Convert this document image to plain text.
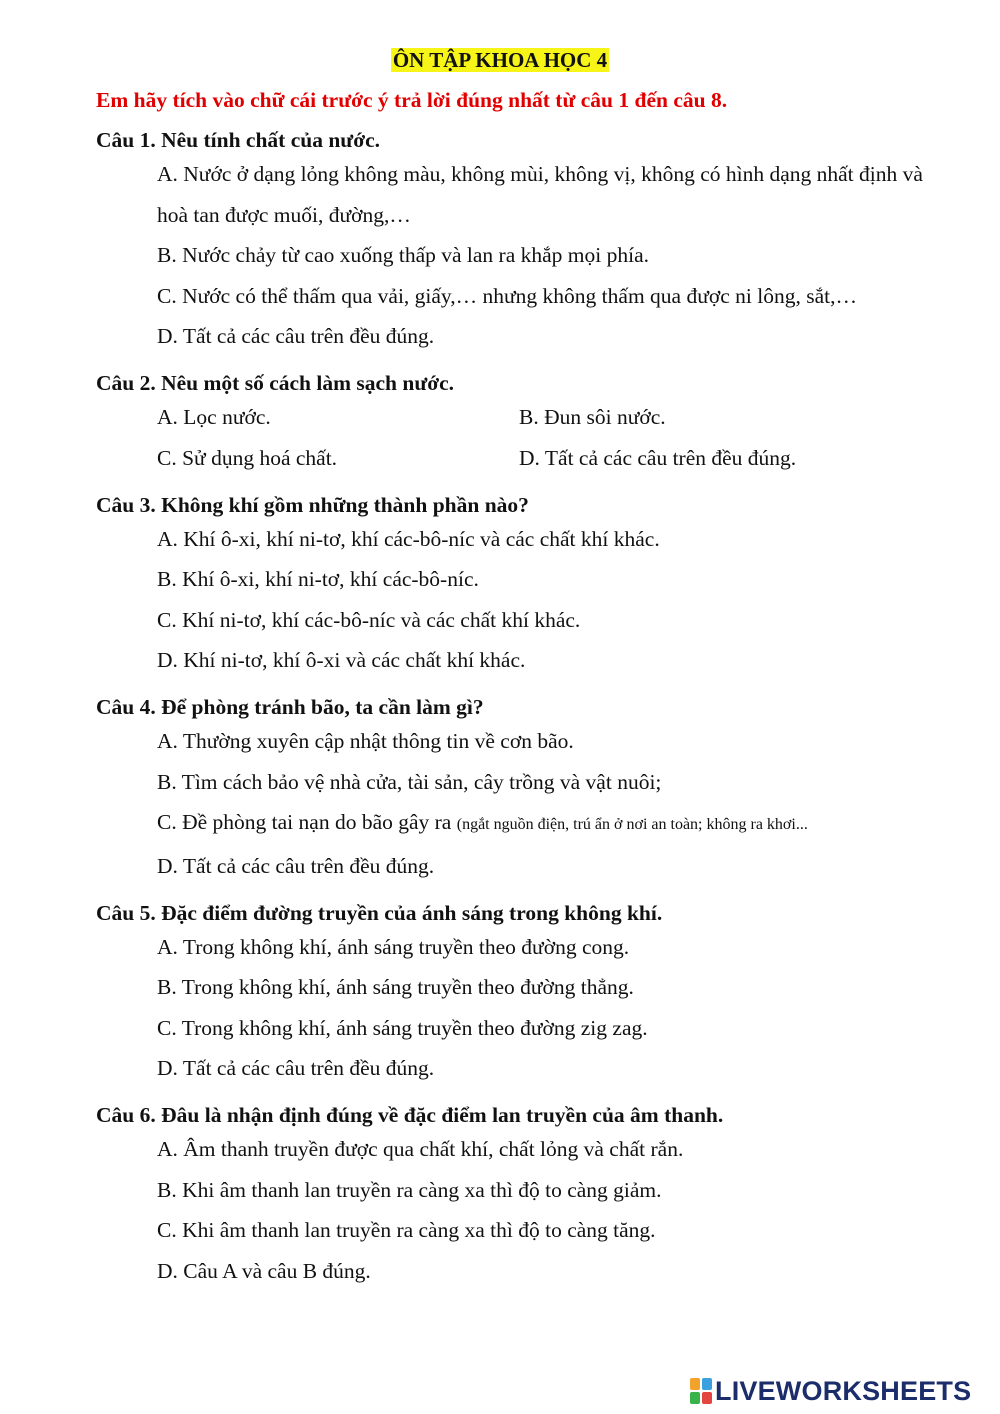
ÔN TẬP KHOA HỌC 4
Em hãy tích vào chữ cái trước ý trả lời đúng nhất từ câu 1 đến câu 8.
Câu 1. Nêu tính chất của nước.
A. Nước ở dạng lỏng không màu, không mùi, không vị, không có hình dạng nhất định và hoà tan được muối, đường,…
B. Nước chảy từ cao xuống thấp và lan ra khắp mọi phía.
C. Nước có thể thấm qua vải, giấy,… nhưng không thấm qua được ni lông, sắt,…
D. Tất cả các câu trên đều đúng.
Câu 2. Nêu một số cách làm sạch nước.
A. Lọc nước.	B. Đun sôi nước.
C. Sử dụng hoá chất.	D. Tất cả các câu trên đều đúng.
Câu 3. Không khí gồm những thành phần nào?
A. Khí ô-xi, khí ni-tơ, khí các-bô-níc và các chất khí khác.
B. Khí ô-xi, khí ni-tơ, khí các-bô-níc.
C. Khí ni-tơ, khí các-bô-níc và các chất khí khác.
D. Khí ni-tơ, khí ô-xi và các chất khí khác.
Câu 4. Để phòng tránh bão, ta cần làm gì?
A. Thường xuyên cập nhật thông tin về cơn bão.
B. Tìm cách bảo vệ nhà cửa, tài sản, cây trồng và vật nuôi;
C. Đề phòng tai nạn do bão gây ra (ngắt nguồn điện, trú ẩn ở nơi an toàn; không ra khơi...
D. Tất cả các câu trên đều đúng.
Câu 5. Đặc điểm đường truyền của ánh sáng trong không khí.
A. Trong không khí, ánh sáng truyền theo đường cong.
B. Trong không khí, ánh sáng truyền theo đường thẳng.
C. Trong không khí, ánh sáng truyền theo đường zig zag.
D. Tất cả các câu trên đều đúng.
Câu 6. Đâu là nhận định đúng về đặc điểm lan truyền của âm thanh.
A. Âm thanh truyền được qua chất khí, chất lỏng và chất rắn.
B. Khi âm thanh lan truyền ra càng xa thì độ to càng giảm.
C. Khi âm thanh lan truyền ra càng xa thì độ to càng tăng.
D. Câu A và câu B đúng.
LIVEWORKSHEETS
